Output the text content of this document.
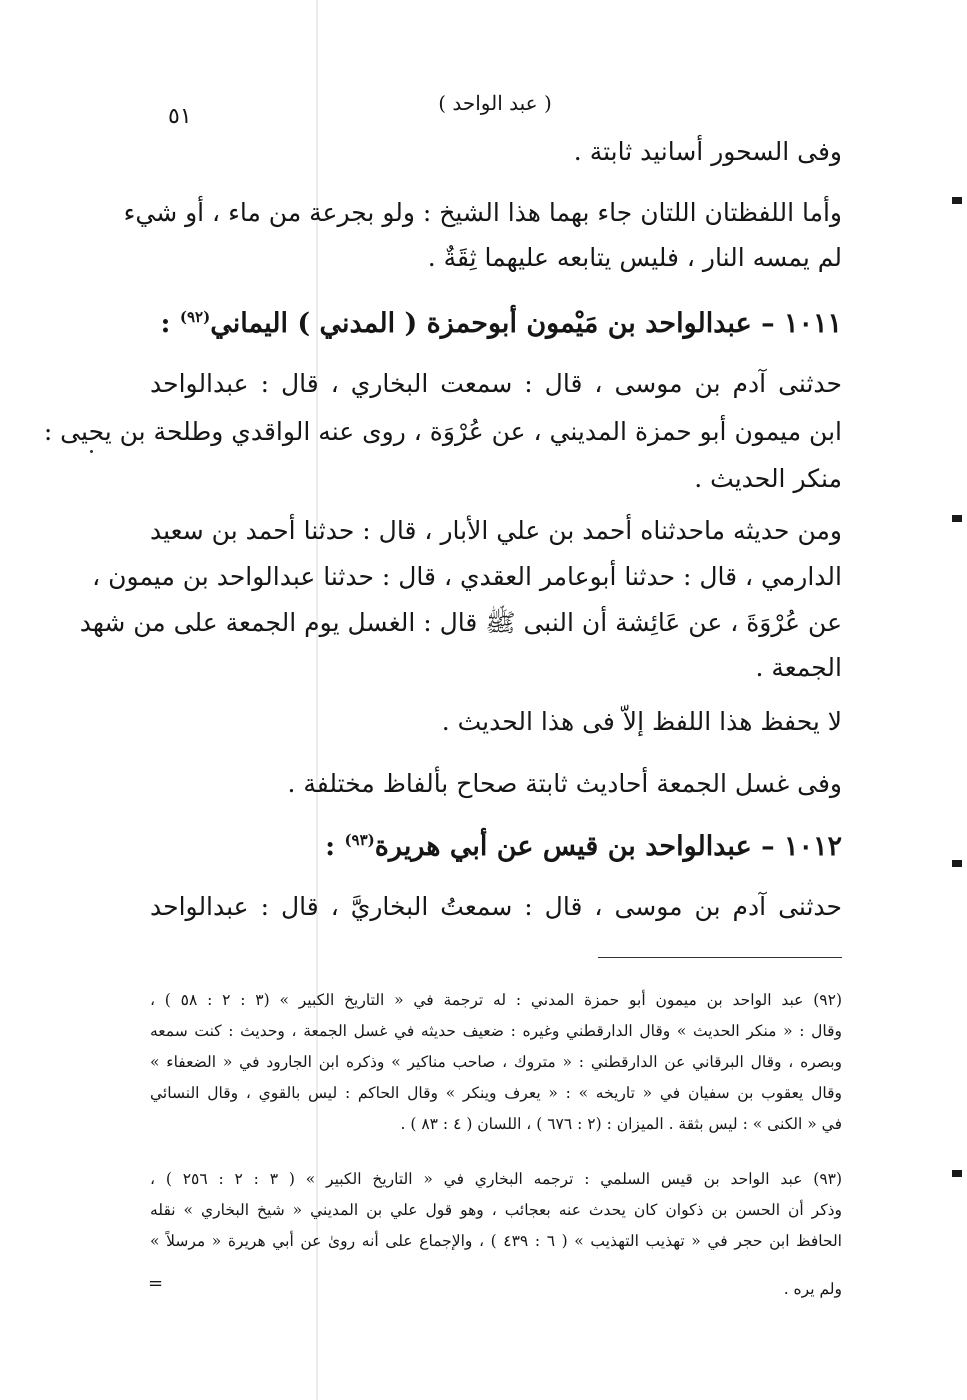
( عبد الواحد )
٥١
وفى السحور أسانيد ثابتة .
وأما اللفظتان اللتان جاء بهما هذا الشيخ : ولو بجرعة من ماء ، أو شيء
لم يمسه النار ، فليس يتابعه عليهما ثِقَةٌ .
١٠١١ – عبدالواحد بن مَيْمون أبوحمزة ( المدني ) اليماني$^{(٩٢)}$ :
حدثنى آدم بن موسى ، قال : سمعت البخاري ، قال : عبدالواحد
ابن ميمون أبو حمزة المديني ، عن عُرْوَة ، روى عنه الواقدي وطلحة بن يحيى :
منكر الحديث .
ومن حديثه ماحدثناه أحمد بن علي الأبار ، قال : حدثنا أحمد بن سعيد
الدارمي ، قال : حدثنا أبوعامر العقدي ، قال : حدثنا عبدالواحد بن ميمون ،
عن عُرْوَةَ ، عن عَائِشة أن النبى ﷺ قال : الغسل يوم الجمعة على من شهد
الجمعة .
لا يحفظ هذا اللفظ إلاّ فى هذا الحديث .
وفى غسل الجمعة أحاديث ثابتة صحاح بألفاظ مختلفة .
١٠١٢ – عبدالواحد بن قيس عن أبي هريرة$^{(٩٣)}$ :
حدثنى آدم بن موسى ، قال : سمعتُ البخاريَّ ، قال : عبدالواحد
(٩٢) عبد الواحد بن ميمون أبو حمزة المدني : له ترجمة في « التاريخ الكبير » (٣ : ٢ : ٥٨ ) ،
وقال : « منكر الحديث » وقال الدارقطني وغيره : ضعيف حديثه في غسل الجمعة ، وحديث : كنت سمعه
وبصره ، وقال البرقاني عن الدارقطني : « متروك ، صاحب مناكير » وذكره ابن الجارود في « الضعفاء »
وقال يعقوب بن سفيان في « تاريخه » : « يعرف وينكر » وقال الحاكم : ليس بالقوي ، وقال النسائي
في « الكنى » : ليس بثقة . الميزان : (٢ : ٦٧٦ ) ، اللسان ( ٤ : ٨٣ ) .
(٩٣) عبد الواحد بن قيس السلمي : ترجمه البخاري في « التاريخ الكبير » ( ٣ : ٢ : ٢٥٦ ) ،
وذكر أن الحسن بن ذكوان كان يحدث عنه بعجائب ، وهو قول علي بن المديني « شيخ البخاري » نقله
الحافظ ابن حجر في « تهذيب التهذيب » ( ٦ : ٤٣٩ ) ، والإجماع على أنه روىٰ عن أبي هريرة « مرسلاً »
ولم يره .
=
